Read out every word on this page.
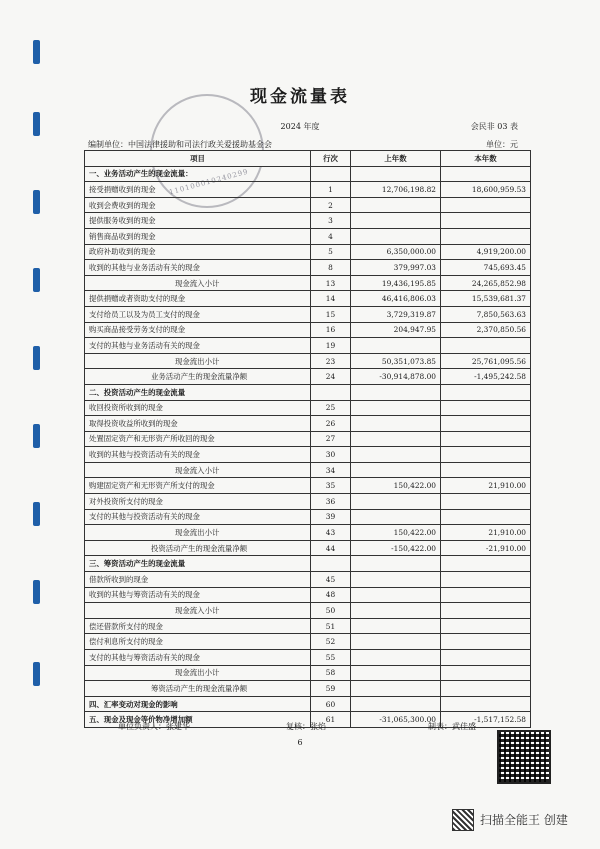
现金流量表
2024 年度	会民非 03 表
编制单位：中国法律援助和司法行政关爱援助基金会	单位：元
110100010240299
项目	行次	上年数	本年数
一、业务活动产生的现金流量：			
接受捐赠收到的现金	1	12,706,198.82	18,600,959.53
收到会费收到的现金	2		
提供服务收到的现金	3		
销售商品收到的现金	4		
政府补助收到的现金	5	6,350,000.00	4,919,200.00
收到的其他与业务活动有关的现金	8	379,997.03	745,693.45
现金流入小计	13	19,436,195.85	24,265,852.98
提供捐赠或者资助支付的现金	14	46,416,806.03	15,539,681.37
支付给员工以及为员工支付的现金	15	3,729,319.87	7,850,563.63
购买商品接受劳务支付的现金	16	204,947.95	2,370,850.56
支付的其他与业务活动有关的现金	19		
现金流出小计	23	50,351,073.85	25,761,095.56
业务活动产生的现金流量净额	24	-30,914,878.00	-1,495,242.58
二、投资活动产生的现金流量			
收回投资所收到的现金	25		
取得投资收益所收到的现金	26		
处置固定资产和无形资产所收回的现金	27		
收到的其他与投资活动有关的现金	30		
现金流入小计	34		
购建固定资产和无形资产所支付的现金	35	150,422.00	21,910.00
对外投资所支付的现金	36		
支付的其他与投资活动有关的现金	39		
现金流出小计	43	150,422.00	21,910.00
投资活动产生的现金流量净额	44	-150,422.00	-21,910.00
三、筹资活动产生的现金流量			
借款所收到的现金	45		
收到的其他与筹资活动有关的现金	48		
现金流入小计	50		
偿还借款所支付的现金	51		
偿付利息所支付的现金	52		
支付的其他与筹资活动有关的现金	55		
现金流出小计	58		
筹资活动产生的现金流量净额	59		
四、汇率变动对现金的影响	60		
五、现金及现金等价物净增加额	61	-31,065,300.00	-1,517,152.58
单位负责人：张建华	复核：张焰	制表：武佳盛
6
扫描全能王 创建
